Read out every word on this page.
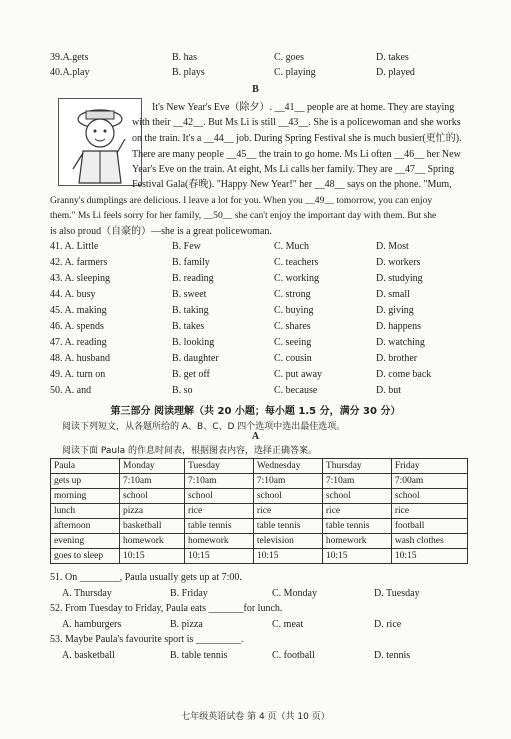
39.A.gets	B. has	C. goes	D. takes
40.A.play	B. plays	C. playing	D. played
B
It's New Year's Eve（除夕）. __41__ people are at home. They are staying
with their __42__. But Ms Li is still __43__. She is a policewoman and she works
on the train. It's a __44__ job. During Spring Festival she is much busier(更忙的).
There are many people __45__ the train to go home. Ms Li often __46__ her New
Year's Eve on the train. At eight, Ms Li calls her family. They are __47__ Spring
Festival Gala(春晚). "Happy New Year!" her __48__ says on the phone. "Mum,
Granny's dumplings are delicious. I leave a lot for you. When you __49__ tomorrow, you can enjoy
them." Ms Li feels sorry for her family, __50__ she can't enjoy the important day with them. But she
is also proud（自豪的）—she is a great policewoman.
41. A. Little	B. Few	C. Much	D. Most
42. A. farmers	B. family	C. teachers	D. workers
43. A. sleeping	B. reading	C. working	D. studying
44. A. busy	B. sweet	C. strong	D. small
45. A. making	B. taking	C. buying	D. giving
46. A. spends	B. takes	C. shares	D. happens
47. A. reading	B. looking	C. seeing	D. watching
48. A. husband	B. daughter	C. cousin	D. brother
49. A. turn on	B. get off	C. put away	D. come back
50. A. and	B. so	C. because	D. but
第三部分 阅读理解（共 20 小题；每小题 1.5 分，满分 30 分）
阅读下列短文，从各题所给的 A、B、C、D 四个选项中选出最佳选项。
A
阅读下面 Paula 的作息时间表，根据图表内容，选择正确答案。
Paula	Monday	Tuesday	Wednesday	Thursday	Friday
gets up	7:10am	7:10am	7:10am	7:10am	7:00am
morning	school	school	school	school	school
lunch	pizza	rice	rice	rice	rice
afternoon	basketball	table tennis	table tennis	table tennis	football
evening	homework	homework	television	homework	wash clothes
goes to sleep	10:15	10:15	10:15	10:15	10:15
51. On ________, Paula usually gets up at 7:00.
A. Thursday	B. Friday	C. Monday	D. Tuesday
52. From Tuesday to Friday, Paula eats _______for lunch.
A. hamburgers	B. pizza	C. meat	D. rice
53. Maybe Paula's favourite sport is _________.
A. basketball	B. table tennis	C. football	D. tennis
七年级英语试卷 第 4 页（共 10 页）
